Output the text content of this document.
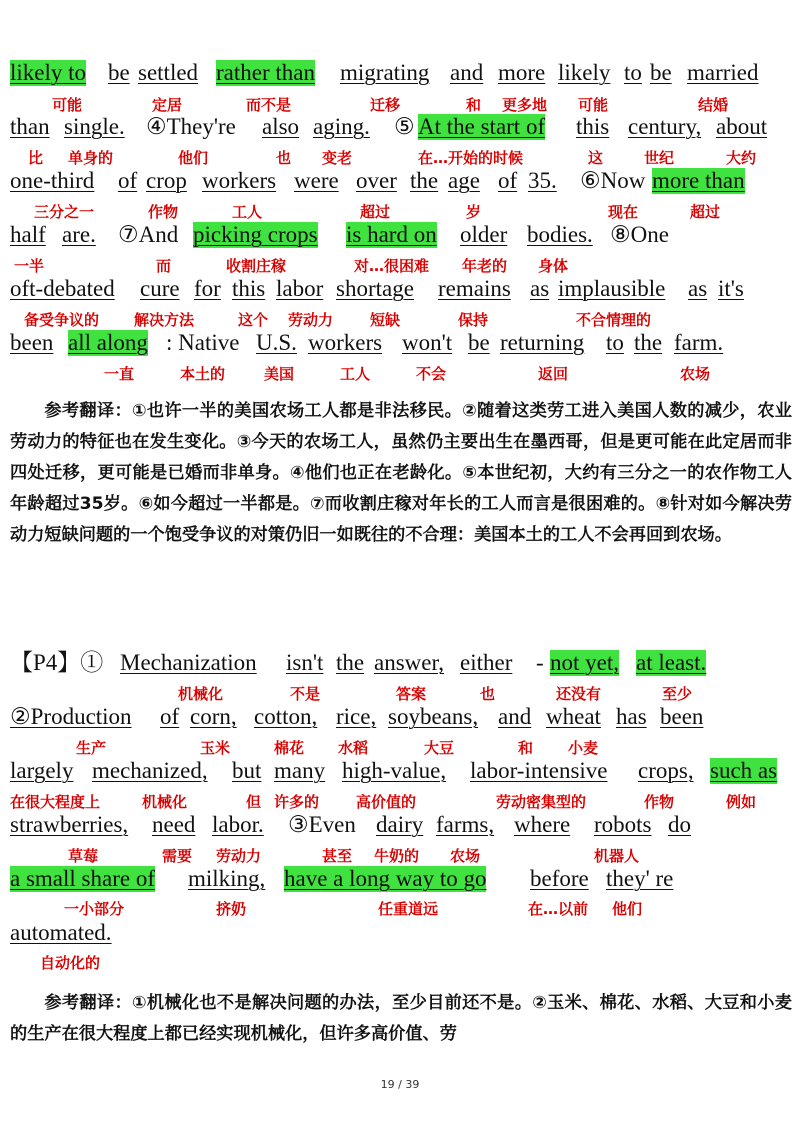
likely to be settled rather than migrating and more likely to be married
可能	定居	而不是	迁移	和 更多地 可能	结婚
than single. ④They're also aging. ⑤ At the start of this century, about
比 单身的	他们	也 变老	在…开始的时候	这	世纪	大约
one-third of crop workers were over the age of 35. ⑥Now more than
三分之一	作物	工人	超过	岁	现在	超过
half are. ⑦And picking crops is hard on older bodies. ⑧One
一半	而	收割庄稼	对…很困难 年老的 身体
oft-debated cure for this labor shortage remains as implausible as it's
备受争议的 解决方法	这个 劳动力 短缺	保持	不合情理的
been all along : Native U.S. workers won't be returning to the farm.
一直	本土的	美国	工人	不会	返回	农场

参考翻译：①也许一半的美国农场工人都是非法移民。②随着这类劳工进入美国人数的减少，农业劳动力的特征也在发生变化。③今天的农场工人，虽然仍主要出生在墨西哥，但是更可能在此定居而非四处迁移，更可能是已婚而非单身。④他们也正在老龄化。⑤本世纪初，大约有三分之一的农作物工人年龄超过35岁。⑥如今超过一半都是。⑦而收割庄稼对年长的工人而言是很困难的。⑧针对如今解决劳动力短缺问题的一个饱受争议的对策仍旧一如既往的不合理：美国本土的工人不会再回到农场。

【P4】① Mechanization isn't the answer, either - not yet, at least.
机械化	不是	答案	也	还没有	至少
②Production of corn, cotton, rice, soybeans, and wheat has been
生产	玉米	棉花 水稻	大豆	和 小麦
largely mechanized, but many high-value, labor-intensive crops, such as
在很大程度上	机械化	但 许多的 高价值的	劳动密集型的	作物	例如
strawberries, need labor. ③Even dairy farms, where robots do
草莓	需要 劳动力	甚至 牛奶的 农场	机器人
a small share of milking, have a long way to go before they' re
一小部分	挤奶	任重道远	在…以前 他们
automated.
自动化的

参考翻译：①机械化也不是解决问题的办法，至少目前还不是。②玉米、棉花、水稻、大豆和小麦的生产在很大程度上都已经实现机械化，但许多高价值、劳

19 / 39
